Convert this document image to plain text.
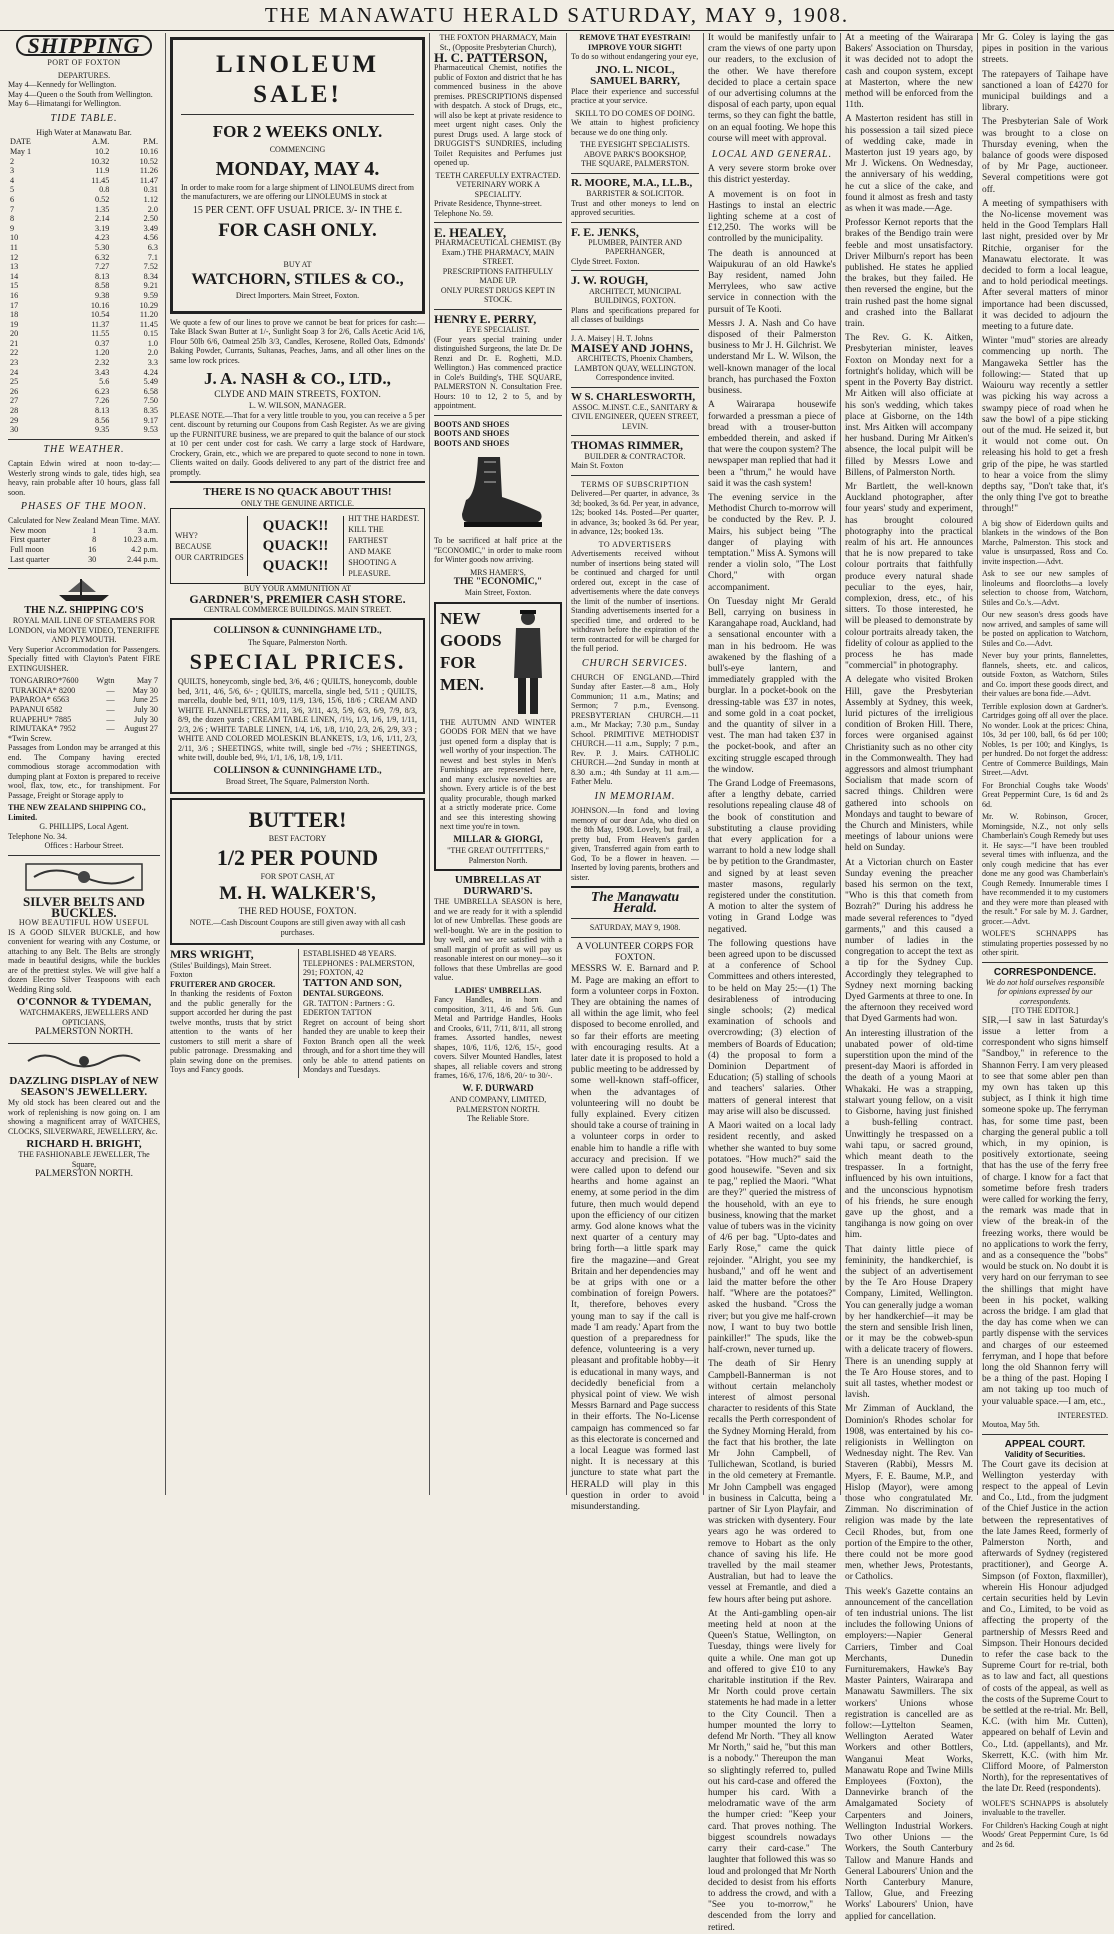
THE MANAWATU HERALD SATURDAY, MAY 9, 1908.
SHIPPING
PORT OF FOXTON
DEPARTURES.
May 4—Kennedy for Wellington.
May 4—Queen o the South from Wellington.
May 6—Himatangi for Wellington.
TIDE TABLE.
High Water at Manawatu Bar.
DATE	A.M.	P.M.
May 1	10.2	10.16
2	10.32	10.52
3	11.9	11.26
4	11.45	11.47
5	0.8	0.31
6	0.52	1.12
7	1.35	2.0
8	2.14	2.50
9	3.19	3.49
10	4.23	4.56
11	5.30	6.3
12	6.32	7.1
13	7.27	7.52
14	8.13	8.34
15	8.58	9.21
16	9.38	9.59
17	10.16	10.29
18	10.54	11.20
19	11.37	11.45
20	11.55	0.15
21	0.37	1.0
22	1.20	2.0
23	2.32	3.3
24	3.43	4.24
25	5.6	5.49
26	6.23	6.58
27	7.26	7.50
28	8.13	8.35
29	8.56	9.17
30	9.35	9.53
THE WEATHER.

Captain Edwin wired at noon to-day:— Westerly strong winds to gale, tides high, sea heavy, rain probable after 10 hours, glass fall soon.

PHASES OF THE MOON.
Calculated for New Zealand Mean Time. MAY.
New moon	1	3 a.m.
First quarter	8	10.23 a.m.
Full moon	16	4.2 p.m.
Last quarter	30	2.44 p.m.
THE N.Z. SHIPPING CO'S
ROYAL MAIL LINE OF STEAMERS FOR LONDON, via MONTE VIDEO, TENERIFFE AND PLYMOUTH.

Very Superior Accommodation for Passengers. Specially fitted with Clayton's Patent FIRE EXTINGUISHER.

TONGARIRO*7600	Wgtn	May 7
TURAKINA* 8200	—	May 30
PAPAROA* 6563	—	June 25
PAPANUI 6582	—	July 30
RUAPEHU* 7885	—	July 30
RIMUTAKA* 7952	—	August 27
*Twin Screw.

Passages from London may be arranged at this end. The Company having erected commodious storage accommodation with dumping plant at Foxton is prepared to receive wool, flax, tow, etc., for transhipment. For Passage, Freight or Storage apply to

THE NEW ZEALAND SHIPPING CO., Limited.
G. PHILLIPS, Local Agent.
Telephone No. 34.
Offices : Harbour Street.
SILVER BELTS AND BUCKLES.
HOW BEAUTIFUL HOW USEFUL

IS A GOOD SILVER BUCKLE, and how convenient for wearing with any Costume, or attaching to any Belt. The Belts are strongly made in beautiful designs, while the buckles are of the prettiest styles. We will give half a dozen Electro Silver Teaspoons with each Wedding Ring sold.

O'CONNOR & TYDEMAN,
WATCHMAKERS, JEWELLERS AND OPTICIANS,
PALMERSTON NORTH.
DAZZLING DISPLAY of NEW SEASON'S JEWELLERY.

My old stock has been cleared out and the work of replenishing is now going on. I am showing a magnificent array of WATCHES, CLOCKS, SILVERWARE, JEWELLERY, &c.

RICHARD H. BRIGHT,
THE FASHIONABLE JEWELLER, The Square,
PALMERSTON NORTH.
LINOLEUM
SALE!
FOR 2 WEEKS ONLY.
COMMENCING
MONDAY, MAY 4.

In order to make room for a large shipment of LINOLEUMS direct from the manufacturers, we are offering our LINOLEUMS in stock at

15 PER CENT. OFF USUAL PRICE. 3/- IN THE £.
FOR CASH ONLY.
BUY AT
WATCHORN, STILES & CO.,
Direct Importers. Main Street, Foxton.

We quote a few of our lines to prove we cannot be beat for prices for cash:— Take Black Swan Butter at 1/-, Sunlight Soap 3 for 2/6, Calls Acetic Acid 1/6, Flour 50lb 6/6, Oatmeal 25lb 3/3, Candles, Kerosene, Rolled Oats, Edmonds' Baking Powder, Currants, Sultanas, Peaches, Jams, and all other lines on the same low rock prices.

J. A. NASH & CO., LTD.,
CLYDE AND MAIN STREETS, FOXTON.
L. W. WILSON, MANAGER.

PLEASE NOTE.—That for a very little trouble to you, you can receive a 5 per cent. discount by returning our Coupons from Cash Register. As we are giving up the FURNITURE business, we are prepared to quit the balance of our stock at 10 per cent under cost for cash. We carry a large stock of Hardware, Crockery, Grain, etc., which we are prepared to quote second to none in town. Clients waited on daily. Goods delivered to any part of the district free and promptly.

THERE IS NO QUACK ABOUT THIS!
ONLY THE GENUINE ARTICLE.
WHY?
BECAUSE
OUR CARTRIDGES
QUACK!!
QUACK!!
QUACK!!
HIT THE HARDEST.
KILL THE FARTHEST
AND MAKE SHOOTING A PLEASURE.
BUY YOUR AMMUNITION AT
GARDNER'S, PREMIER CASH STORE.
CENTRAL COMMERCE BUILDINGS. MAIN STREET.
COLLINSON & CUNNINGHAME LTD.,
The Square, Palmerston North.
SPECIAL PRICES.

QUILTS, honeycomb, single bed, 3/6, 4/6 ; QUILTS, honeycomb, double bed, 3/11, 4/6, 5/6, 6/- ; QUILTS, marcella, single bed, 5/11 ; QUILTS, marcella, double bed, 9/11, 10/9, 11/9, 13/6, 15/6, 18/6 ; CREAM AND WHITE FLANNELETTES, 2/11, 3/6, 3/11, 4/3, 5/9, 6/3, 6/9, 7/9, 8/3, 8/9, the dozen yards ; CREAM TABLE LINEN, /1½, 1/3, 1/6, 1/9, 1/11, 2/3, 2/6 ; WHITE TABLE LINEN, 1/4, 1/6, 1/8, 1/10, 2/3, 2/6, 2/9, 3/3 ; WHITE AND COLORED MOLESKIN BLANKETS, 1/3, 1/6, 1/11, 2/3, 2/11, 3/6 ; SHEETINGS, white twill, single bed -/7½ ; SHEETINGS, white twill, double bed, 9½, 1/1, 1/6, 1/8, 1/9, 1/11.

COLLINSON & CUNNINGHAME LTD.,
Broad Street, The Square, Palmerston North.
BUTTER!
BEST FACTORY
1/2 PER POUND
FOR SPOT CASH, AT
M. H. WALKER'S,
THE RED HOUSE, FOXTON.
NOTE.—Cash Discount Coupons are still given away with all cash purchases.
MRS WRIGHT,
(Stiles' Buildings), Main Street. Foxton
FRUITERER AND GROCER.

In thanking the residents of Foxton and the public generally for the support accorded her during the past twelve months, trusts that by strict attention to the wants of her customers to still merit a share of public patronage. Dressmaking and plain sewing done on the premises. Toys and Fancy goods.

ESTABLISHED 48 YEARS. TELEPHONES : PALMERSTON, 291; FOXTON, 42
TATTON AND SON,
DENTAL SURGEONS.
GR. TATTON : Partners : G. EDERTON TATTON

Regret on account of being short handed they are unable to keep their Foxton Branch open all the week through, and for a short time they will only be able to attend patients on Mondays and Tuesdays.

THE FOXTON PHARMACY, Main St., (Opposite Presbyterian Church),
H. C. PATTERSON,

Pharmaceutical Chemist, notifies the public of Foxton and district that he has commenced business in the above premises. PRESCRIPTIONS dispensed with despatch. A stock of Drugs, etc., will also be kept at private residence to meet urgent night cases. Only the purest Drugs used. A large stock of DRUGGIST'S SUNDRIES, including Toilet Requisites and Perfumes just opened up.

TEETH CAREFULLY EXTRACTED.
VETERINARY WORK A SPECIALITY.
Private Residence, Thynne-street. Telephone No. 59.
E. HEALEY,
PHARMACEUTICAL CHEMIST. (By Exam.) THE PHARMACY, MAIN STREET.
PRESCRIPTIONS FAITHFULLY MADE UP.
ONLY PUREST DRUGS KEPT IN STOCK.
HENRY E. PERRY,
EYE SPECIALIST.

(Four years special training under distinguished Surgeons, the late Dr. De Renzi and Dr. E. Roghetti, M.D. Wellington.) Has commenced practice in Cole's Building's, THE SQUARE, PALMERSTON N. Consultation Free. Hours: 10 to 12, 2 to 5, and by appointment.

BOOTS AND SHOES
BOOTS AND SHOES
BOOTS AND SHOES

To be sacrificed at half price at the "ECONOMIC," in order to make room for Winter goods now arriving.

MRS HAMER'S,
THE "ECONOMIC,"
Main Street, Foxton.
NEW
GOODS
FOR
MEN.

THE AUTUMN AND WINTER GOODS FOR MEN that we have just opened form a display that is well worthy of your inspection. The newest and best styles in Men's Furnishings are represented here, and many exclusive novelties are shown. Every article is of the best quality procurable, though marked at a strictly moderate price. Come and see this interesting showing next time you're in town.

MILLAR & GIORGI,
"THE GREAT OUTFITTERS," Palmerston North.
UMBRELLAS AT DURWARD'S.

THE UMBRELLA SEASON is here, and we are ready for it with a splendid lot of new Umbrellas. These goods are well-bought. We are in the position to buy well, and we are satisfied with a small margin of profit as will pay us reasonable interest on our money—so it follows that these Umbrellas are good value.

LADIES' UMBRELLAS.

Fancy Handles, in horn and composition, 3/11, 4/6 and 5/6. Gun Metal and Partridge Handles, Hooks and Crooks, 6/11, 7/11, 8/11, all strong frames. Assorted handles, newest shapes, 10/6, 11/6, 12/6, 15/-, good covers. Silver Mounted Handles, latest shapes, all reliable covers and strong frames, 16/6, 17/6, 18/6, 20/- to 30/-.

W. F. DURWARD
AND COMPANY, LIMITED, PALMERSTON NORTH.
The Reliable Store.
REMOVE THAT EYESTRAIN! IMPROVE YOUR SIGHT!

To do so without endangering your eye,

JNO. L. NICOL, SAMUEL BARRY,

Place their experience and successful practice at your service.

SKILL TO DO COMES OF DOING.

We attain to highest proficiency because we do one thing only.

THE EYESIGHT SPECIALISTS.
ABOVE PARK'S BOOKSHOP,
THE SQUARE, PALMERSTON.
R. MOORE, M.A., LL.B.,
BARRISTER & SOLICITOR.

Trust and other moneys to lend on approved securities.

F. E. JENKS,
PLUMBER, PAINTER AND PAPERHANGER,
Clyde Street. Foxton.
J. W. ROUGH,
ARCHITECT, MUNICIPAL BUILDINGS, FOXTON.

Plans and specifications prepared for all classes of buildings

J. A. Maisey | H. T. Johns
MAISEY AND JOHNS,
ARCHITECTS, Phoenix Chambers, LAMBTON QUAY, WELLINGTON.
Correspondence invited.
W S. CHARLESWORTH,
ASSOC. M.INST. C.E., SANITARY & CIVIL ENGINEER, QUEEN STREET, LEVIN.
THOMAS RIMMER,
BUILDER & CONTRACTOR.
Main St. Foxton
TERMS OF SUBSCRIPTION

Delivered—Per quarter, in advance, 3s 3d; booked, 3s 6d. Per year, in advance, 12s; booked 14s. Posted—Per quarter, in advance, 3s; booked 3s 6d. Per year, in advance, 12s; booked 13s.

TO ADVERTISERS

Advertisements received without number of insertions being stated will be continued and charged for until ordered out, except in the case of advertisements where the date conveys the limit of the number of insertions. Standing advertisements inserted for a specified time, and ordered to be withdrawn before the expiration of the term contracted for will be charged for the full period.

CHURCH SERVICES.

CHURCH OF ENGLAND.—Third Sunday after Easter.—8 a.m., Holy Communion; 11 a.m., Matins; and Sermon; 7 p.m., Evensong. PRESBYTERIAN CHURCH.—11 a.m., Mr Mackay; 7.30 p.m., Sunday School. PRIMITIVE METHODIST CHURCH.—11 a.m., Supply; 7 p.m., Rev. P. J. Mairs. CATHOLIC CHURCH.—2nd Sunday in month at 8.30 a.m.; 4th Sunday at 11 a.m.—Father Melu.

IN MEMORIAM.

JOHNSON.—In fond and loving memory of our dear Ada, who died on the 8th May, 1908. Lovely, but frail, a pretty bud, From Heaven's garden given, Transferred again from earth to God, To be a flower in heaven. —Inserted by loving parents, brothers and sister.

The Manawatu Herald.
SATURDAY, MAY 9, 1908.
A VOLUNTEER CORPS FOR FOXTON.

MESSRS W. E. Barnard and P. M. Page are making an effort to form a volunteer corps in Foxton. They are obtaining the names of all within the age limit, who feel disposed to become enrolled, and so far their efforts are meeting with encouraging results. At a later date it is proposed to hold a public meeting to be addressed by some well-known staff-officer, when the advantages of volunteering will no doubt be fully explained. Every citizen should take a course of training in a volunteer corps in order to enable him to handle a rifle with accuracy and precision. If we were called upon to defend our hearths and home against an enemy, at some period in the dim future, then much would depend upon the efficiency of our citizen army. God alone knows what the next quarter of a century may bring forth—a little spark may fire the magazine—and Great Britain and her dependencies may be at grips with one or a combination of foreign Powers. It, therefore, behoves every young man to say if the call is made 'I am ready.' Apart from the question of a preparedness for defence, volunteering is a very pleasant and profitable hobby—it is educational in many ways, and decidedly beneficial from a physical point of view. We wish Messrs Barnard and Page success in their efforts. The No-License campaign has commenced so far as this electorate is concerned and a local League was formed last night. It is necessary at this juncture to state what part the HERALD will play in this question in order to avoid misunderstanding.

It would be manifestly unfair to cram the views of one party upon our readers, to the exclusion of the other. We have therefore decided to place a certain space of our advertising columns at the disposal of each party, upon equal terms, so they can fight the battle, on an equal footing. We hope this course will meet with approval.

LOCAL AND GENERAL.

A very severe storm broke over this district yesterday.

A movement is on foot in Hastings to instal an electric lighting scheme at a cost of £12,250. The works will be controlled by the municipality.

The death is announced at Waipukurau of an old Hawke's Bay resident, named John Merrylees, who saw active service in connection with the pursuit of Te Kooti.

Messrs J. A. Nash and Co have disposed of their Palmerston business to Mr J. H. Gilchrist. We understand Mr L. W. Wilson, the well-known manager of the local branch, has purchased the Foxton business.

A Wairarapa housewife forwarded a pressman a piece of bread with a trouser-button embedded therein, and asked if that were the coupon system? The newspaper man replied that had it been a "thrum," he would have said it was the cash system!

The evening service in the Methodist Church to-morrow will be conducted by the Rev. P. J. Mairs, his subject being "The danger of playing with temptation." Miss A. Symons will render a violin solo, "The Lost Chord," with organ accompaniment.

On Tuesday night Mr Gerald Bell, carrying on business in Karangahape road, Auckland, had a sensational encounter with a man in his bedroom. He was awakened by the flashing of a bull's-eye lantern, and immediately grappled with the burglar. In a pocket-book on the dressing-table was £37 in notes, and some gold in a coat pocket, and the quantity of silver in a vest. The man had taken £37 in the pocket-book, and after an exciting struggle escaped through the window.

The Grand Lodge of Freemasons, after a lengthy debate, carried resolutions repealing clause 48 of the book of constitution and substituting a clause providing that every application for a warrant to hold a new lodge shall be by petition to the Grandmaster, and signed by at least seven master masons, regularly registered under the constitution. A motion to alter the system of voting in Grand Lodge was negatived.

The following questions have been agreed upon to be discussed at a conference of School Committees and others interested, to be held on May 25:—(1) The desirableness of introducing single schools; (2) medical examination of schools and overcrowding; (3) election of members of Boards of Education; (4) the proposal to form a Dominion Department of Education; (5) stalling of schools and teachers' salaries. Other matters of general interest that may arise will also be discussed.

A Maori waited on a local lady resident recently, and asked whether she wanted to buy some potatoes. "How much?" said the good housewife. "Seven and six te pag," replied the Maori. "What are they?" queried the mistress of the household, with an eye to business, knowing that the market value of tubers was in the vicinity of 4/6 per bag. "Upto-dates and Early Rose," came the quick rejoinder. "Alright, you see my husband," and off he went and laid the matter before the other half. "Where are the potatoes?" asked the husband. "Cross the river; but you give me half-crown now, I want to buy two bottle painkiller!" The spuds, like the half-crown, never turned up.

The death of Sir Henry Campbell-Bannerman is not without certain melancholy interest of almost personal character to residents of this State recalls the Perth correspondent of the Sydney Morning Herald, from the fact that his brother, the late Mr John Campbell, of Tullichewan, Scotland, is buried in the old cemetery at Fremantle. Mr John Campbell was engaged in business in Calcutta, being a partner of Sir Lyon Playfair, and was stricken with dysentery. Four years ago he was ordered to remove to Hobart as the only chance of saving his life. He travelled by the mail steamer Australian, but had to leave the vessel at Fremantle, and died a few hours after being put ashore.

At the Anti-gambling open-air meeting held at noon at the Queen's Statue, Wellington, on Tuesday, things were lively for quite a while. One man got up and offered to give £10 to any charitable institution if the Rev. Mr North could prove certain statements he had made in a letter to the City Council. Then a humper mounted the lorry to defend Mr North. "They all know Mr North," said he, "but this man is a nobody." Thereupon the man so slightingly referred to, pulled out his card-case and offered the humper his card. With a melodramatic wave of the arm the humper cried: "Keep your card. That proves nothing. The biggest scoundrels nowadays carry their card-case." The laughter that followed this was so loud and prolonged that Mr North decided to desist from his efforts to address the crowd, and with a "See you to-morrow," he descended from the lorry and retired.

At a meeting of the Wairarapa Bakers' Association on Thursday, it was decided not to adopt the cash and coupon system, except at Masterton, where the new method will be enforced from the 11th.

A Masterton resident has still in his possession a tail sized piece of wedding cake, made in Masterton just 19 years ago, by Mr J. Wickens. On Wednesday, the anniversary of his wedding, he cut a slice of the cake, and found it almost as fresh and tasty as when it was made.—Age.

Professor Kernot reports that the brakes of the Bendigo train were feeble and most unsatisfactory. Driver Milburn's report has been published. He states he applied the brakes, but they failed. He then reversed the engine, but the train rushed past the home signal and crashed into the Ballarat train.

The Rev. G. K. Aitken, Presbyterian minister, leaves Foxton on Monday next for a fortnight's holiday, which will be spent in the Poverty Bay district. Mr Aitken will also officiate at his son's wedding, which takes place at Gisborne, on the 14th inst. Mrs Aitken will accompany her husband. During Mr Aitken's absence, the local pulpit will be filled by Messrs Lowe and Billens, of Palmerston North.

Mr Bartlett, the well-known Auckland photographer, after four years' study and experiment, has brought coloured photography into the practical realm of his art. He announces that he is now prepared to take colour portraits that faithfully produce every natural shade peculiar to the eyes, hair, complexion, dress, etc., of his sitters. To those interested, he will be pleased to demonstrate by colour portraits already taken, the fidelity of colour as applied to the process he has made "commercial" in photography.

A delegate who visited Broken Hill, gave the Presbyterian Assembly at Sydney, this week, lurid pictures of the irreligious condition of Broken Hill. There, forces were organised against Christianity such as no other city in the Commonwealth. They had aggressors and almost triumphant Socialism that made scorn of sacred things. Children were gathered into schools on Mondays and taught to beware of the Church and Ministers, while meetings of labour unions were held on Sunday.

At a Victorian church on Easter Sunday evening the preacher based his sermon on the text, "Who is this that cometh from Bozrah?" During his address he made several references to "dyed garments," and this caused a number of ladies in the congregation to accept the text as a tip for the Sydney Cup. Accordingly they telegraphed to Sydney next morning backing Dyed Garments at three to one. In the afternoon they received word that Dyed Garments had won.

An interesting illustration of the unabated power of old-time superstition upon the mind of the present-day Maori is afforded in the death of a young Maori at Whakaki. He was a strapping, stalwart young fellow, on a visit to Gisborne, having just finished a bush-felling contract. Unwittingly he trespassed on a wahi tapu, or sacred ground, which meant death to the trespasser. In a fortnight, influenced by his own intuitions, and the unconscious hypnotism of his friends, he sure enough gave up the ghost, and a tangihanga is now going on over him.

That dainty little piece of femininity, the handkerchief, is the subject of an advertisement by the Te Aro House Drapery Company, Limited, Wellington. You can generally judge a woman by her handkerchief—it may be the stern and sensible Irish linen, or it may be the cobweb-spun with a delicate tracery of flowers. There is an unending supply at the Te Aro House stores, and to suit all tastes, whether modest or lavish.

Mr Zimman of Auckland, the Dominion's Rhodes scholar for 1908, was entertained by his co-religionists in Wellington on Wednesday night. The Rev. Van Staveren (Rabbi), Messrs M. Myers, F. E. Baume, M.P., and Hislop (Mayor), were among those who congratulated Mr. Zimman. No discrimination of religion was made by the late Cecil Rhodes, but, from one portion of the Empire to the other, there could not be more good men, whether Jews, Protestants, or Catholics.

This week's Gazette contains an announcement of the cancellation of ten industrial unions. The list includes the following Unions of employers:—Napier General Carriers, Timber and Coal Merchants, Dunedin Furnituremakers, Hawke's Bay Master Painters, Wairarapa and Manawatu Sawmillers. The six workers' Unions whose registration is cancelled are as follow:—Lyttelton Seamen, Wellington Aerated Water Workers and other Bottlers, Wanganui Meat Works, Manawatu Rope and Twine Mills Employees (Foxton), the Dannevirke branch of the Amalgamated Society of Carpenters and Joiners, Wellington Industrial Workers. Two other Unions — the Workers, the South Canterbury Tallow and Manure Hands and General Labourers' Union and the North Canterbury Manure, Tallow, Glue, and Freezing Works' Labourers' Union, have applied for cancellation.

Mr G. Coley is laying the gas pipes in position in the various streets.

The ratepayers of Taihape have sanctioned a loan of £4270 for municipal buildings and a library.

The Presbyterian Sale of Work was brought to a close on Thursday evening, when the balance of goods were disposed of by Mr Page, auctioneer. Several competitions were got off.

A meeting of sympathisers with the No-license movement was held in the Good Templars Hall last night, presided over by Mr Ritchie, organiser for the Manawatu electorate. It was decided to form a local league, and to hold periodical meetings. After several matters of minor importance had been discussed, it was decided to adjourn the meeting to a future date.

Winter "mud" stories are already commencing up north. The Mangaweka Settler has the following:— Stated that up Waiouru way recently a settler was picking his way across a swampy piece of road when he saw the bowl of a pipe sticking out of the mud. He seized it, but it would not come out. On releasing his hold to get a fresh grip of the pipe, he was startled to hear a voice from the slimy depths say, "Don't take that, it's the only thing I've got to breathe through!"

A big show of Eiderdown quilts and blankets in the windows of the Bon Marche, Palmerston. This stock and value is unsurpassed, Ross and Co. invite inspection.—Advt.

Ask to see our new samples of linoleums and floorcloths—a lovely selection to choose from, Watchorn, Stiles and Co.'s.—Advt.

Our new season's dress goods have now arrived, and samples of same will be posted on application to Watchorn, Stiles and Co.—Advt.

Never buy your prints, flannelettes, flannels, sheets, etc. and calicos, outside Foxton, as Watchorn, Stiles and Co. import these goods direct, and their values are bona fide.—Advt.

Terrible explosion down at Gardner's. Cartridges going off all over the place. No wonder. Look at the prices: China, 10s, 3d per 100, ball, 6s 6d per 100; Nobles, 1s per 100; and Kinglys, 1s per hundred. Do not forget the address: Centre of Commerce Buildings, Main Street.—Advt.

For Bronchial Coughs take Woods' Great Peppermint Cure, 1s 6d and 2s 6d.

Mr. W. Robinson, Grocer, Morningside, N.Z., not only sells Chamberlain's Cough Remedy but uses it. He says:—"I have been troubled several times with influenza, and the only cough medicine that has ever done me any good was Chamberlain's Cough Remedy. Innumerable times I have recommended it to my customers and they were more than pleased with the result." For sale by M. J. Gardner, grocer.—Advt.

WOLFE'S SCHNAPPS has stimulating properties possessed by no other spirit.

CORRESPONDENCE.
We do not hold ourselves responsible for opinions expressed by our correspondents.
[TO THE EDITOR.]

SIR,—I saw in last Saturday's issue a letter from a correspondent who signs himself "Sandboy," in reference to the Shannon Ferry. I am very pleased to see that some abler pen than my own has taken up this subject, as I think it high time someone spoke up. The ferryman has, for some time past, been charging the general public a toll which, in my opinion, is positively extortionate, seeing that has the use of the ferry free of charge. I know for a fact that sometime before fresh traders were called for working the ferry, the remark was made that in view of the break-in of the freezing works, there would be no applications to work the ferry, and as a consequence the "bobs" would be stuck on. No doubt it is very hard on our ferryman to see the shillings that might have been in his pocket, walking across the bridge. I am glad that the day has come when we can partly dispense with the services and charges of our esteemed ferryman, and I hope that before long the old Shannon ferry will be a thing of the past. Hoping I am not taking up too much of your valuable space.—I am, etc.,

INTERESTED.
Moutoa, May 5th.
APPEAL COURT.
Validity of Securities.

The Court gave its decision at Wellington yesterday with respect to the appeal of Levin and Co., Ltd., from the judgment of the Chief Justice in the action between the representatives of the late James Reed, formerly of Palmerston North, and afterwards of Sydney (registered practitioner), and George A. Simpson (of Foxton, flaxmiller), wherein His Honour adjudged certain securities held by Levin and Co., Limited, to be void as affecting the property of the partnership of Messrs Reed and Simpson. Their Honours decided to refer the case back to the Supreme Court for re-trial, both as to law and fact, all questions of costs of the appeal, as well as the costs of the Supreme Court to be settled at the re-trial. Mr. Bell, K.C. (with him Mr. Cutten), appeared on behalf of Levin and Co., Ltd. (appellants), and Mr. Skerrett, K.C. (with him Mr. Clifford Moore, of Palmerston North), for the representatives of the late Dr. Reed (respondents).

WOLFE'S SCHNAPPS is absolutely invaluable to the traveller.

For Children's Hacking Cough at night Woods' Great Peppermint Cure, 1s 6d and 2s 6d.
